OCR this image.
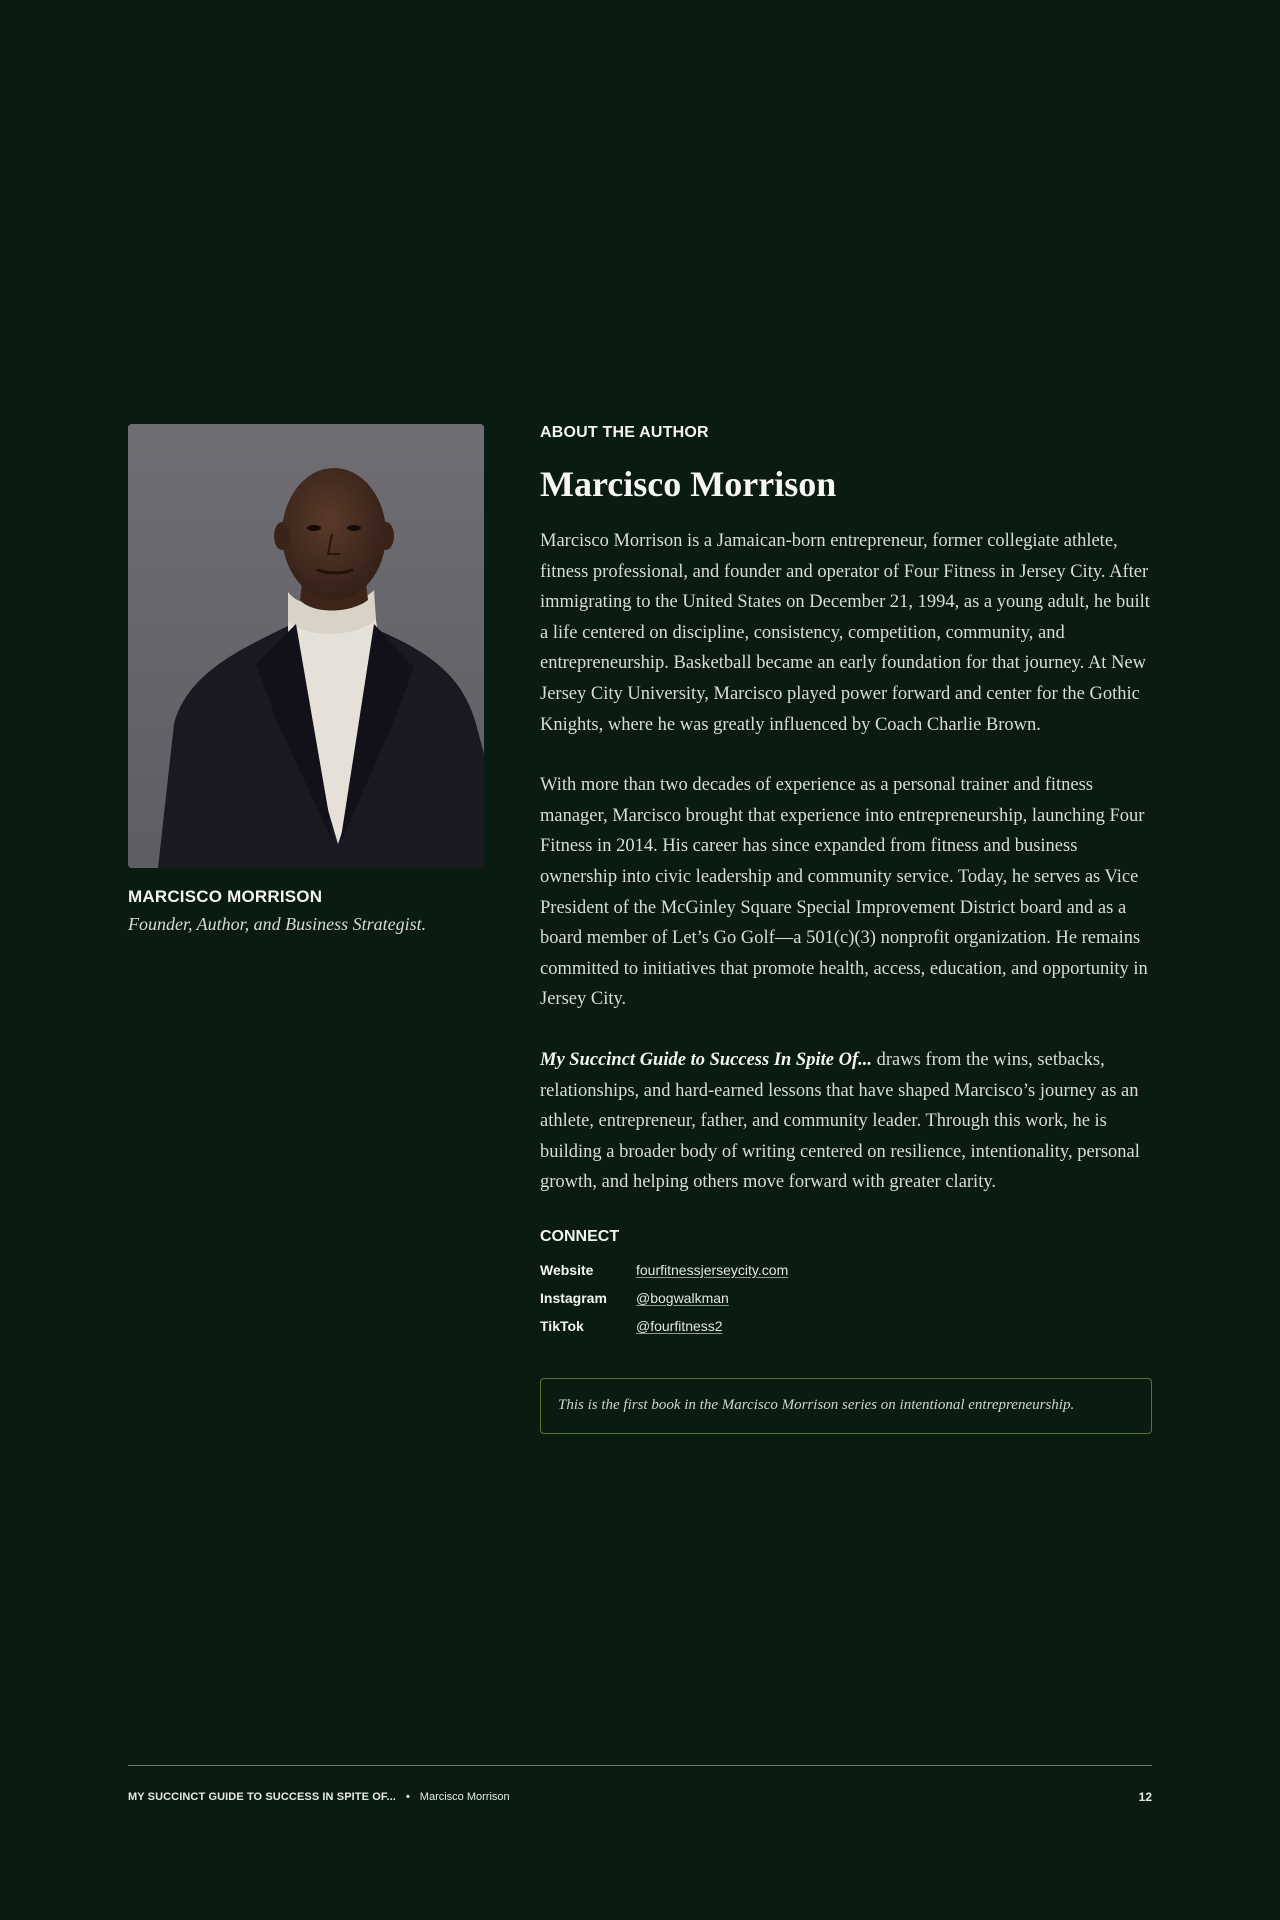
MARCISCO MORRISON
Founder, Author, and Business Strategist.
ABOUT THE AUTHOR
Marcisco Morrison

Marcisco Morrison is a Jamaican-born entrepreneur, former collegiate athlete, fitness professional, and founder and operator of Four Fitness in Jersey City. After immigrating to the United States on December 21, 1994, as a young adult, he built a life centered on discipline, consistency, competition, community, and entrepreneurship. Basketball became an early foundation for that journey. At New Jersey City University, Marcisco played power forward and center for the Gothic Knights, where he was greatly influenced by Coach Charlie Brown.

With more than two decades of experience as a personal trainer and fitness manager, Marcisco brought that experience into entrepreneurship, launching Four Fitness in 2014. His career has since expanded from fitness and business ownership into civic leadership and community service. Today, he serves as Vice President of the McGinley Square Special Improvement District board and as a board member of Let’s Go Golf—a 501(c)(3) nonprofit organization. He remains committed to initiatives that promote health, access, education, and opportunity in Jersey City.

My Succinct Guide to Success In Spite Of... draws from the wins, setbacks, relationships, and hard-earned lessons that have shaped Marcisco’s journey as an athlete, entrepreneur, father, and community leader. Through this work, he is building a broader body of writing centered on resilience, intentionality, personal growth, and helping others move forward with greater clarity.

CONNECT
Website	fourfitnessjerseycity.com
Instagram	@bogwalkman
TikTok	@fourfitness2
This is the first book in the Marcisco Morrison series on intentional entrepreneurship.
MY SUCCINCT GUIDE TO SUCCESS IN SPITE OF... • Marcisco Morrison	12
